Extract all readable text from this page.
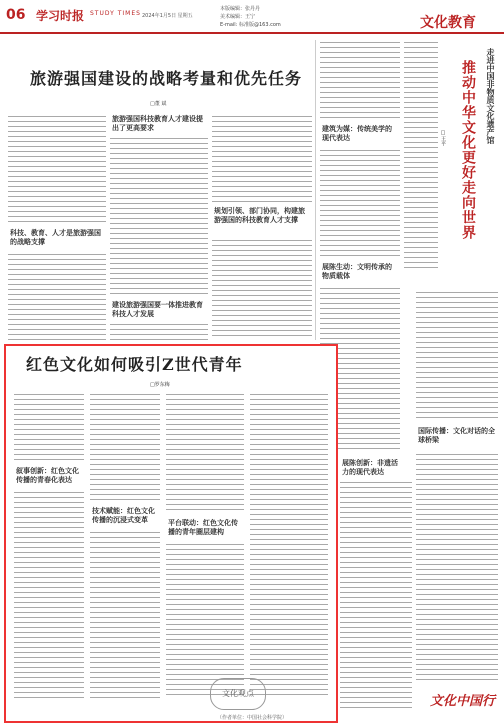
06 学习时报 STUDY TIMES 2024年1月5日 星期五
本版编辑：张丹丹
美术编辑：王宁
E-mail: 标准版@163.com	文化教育
旅游强国建设的战略考量和优先任务
□董 斌
科技、教育、人才是旅游强国的战略支撑
旅游强国科技教育人才建设提出了更高要求
建设旅游强国要一体推进教育科技人才发展
规划引领、部门协同，构建旅游强国的科技教育人才支撑
建筑为媒：传统美学的现代表达
展陈生动：文明传承的物质载体
展陈创新：非遗活力的现代表达
走进中国非物质文化遗产馆
推动中华文化更好走向世界
□王平
国际传播：文化对话的全球桥梁
文化中国行
红色文化如何吸引Z世代青年
□罗东梅
叙事创新：红色文化传播的青春化表达
技术赋能：红色文化传播的沉浸式变革	平台联动：红色文化传播的青年圈层建构
文化观点
（作者单位：中国社会科学院）
